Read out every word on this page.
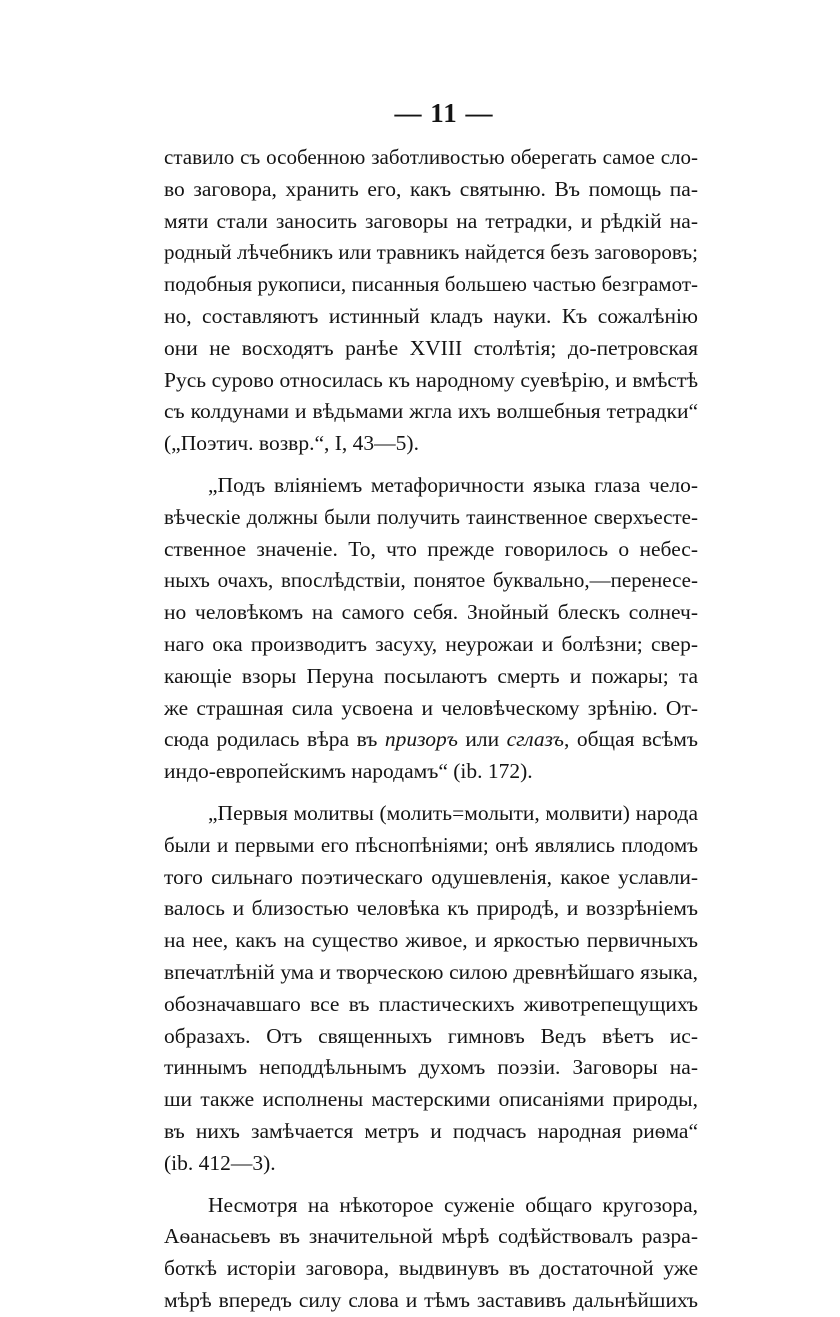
— 11 —
ставило съ особенною заботливостью оберегать самое сло-
во заговора, хранить его, какъ святыню. Въ помощь па-
мяти стали заносить заговоры на тетрадки, и рѣдкій на-
родный лѣчебникъ или травникъ найдется безъ заговоровъ;
подобныя рукописи, писанныя большею частью безграмот-
но, составляютъ истинный кладъ науки. Къ сожалѣнію
они не восходятъ ранѣе XVIII столѣтія; до-петровская
Русь сурово относилась къ народному суевѣрію, и вмѣстѣ
съ колдунами и вѣдьмами жгла ихъ волшебныя тетрадки“
(„Поэтич. возвр.“, I, 43—5).
„Подъ вліяніемъ метафоричности языка глаза чело-
вѣческіе должны были получить таинственное сверхъесте-
ственное значеніе. То, что прежде говорилось о небес-
ныхъ очахъ, впослѣдствіи, понятое буквально,—перенесе-
но человѣкомъ на самого себя. Знойный блескъ солнеч-
наго ока производитъ засуху, неурожаи и болѣзни; свер-
кающіе взоры Перуна посылаютъ смерть и пожары; та
же страшная сила усвоена и человѣческому зрѣнію. От-
сюда родилась вѣра въ призоръ или сглазъ, общая всѣмъ
индо-европейскимъ народамъ“ (ib. 172).
„Первыя молитвы (молить=молыти, молвити) народа
были и первыми его пѣснопѣніями; онѣ являлись плодомъ
того сильнаго поэтическаго одушевленія, какое уславли-
валось и близостью человѣка къ природѣ, и воззрѣніемъ
на нее, какъ на существо живое, и яркостью первичныхъ
впечатлѣній ума и творческою силою древнѣйшаго языка,
обозначавшаго все въ пластическихъ животрепещущихъ
образахъ. Отъ священныхъ гимновъ Ведъ вѣетъ ис-
тиннымъ неподдѣльнымъ духомъ поэзіи. Заговоры на-
ши также исполнены мастерскими описаніями природы,
въ нихъ замѣчается метръ и подчасъ народная риѳма“
(ib. 412—3).
Несмотря на нѣкоторое суженіе общаго кругозора,
Аѳанасьевъ въ значительной мѣрѣ содѣйствовалъ разра-
боткѣ исторіи заговора, выдвинувъ въ достаточной уже
мѣрѣ впередъ силу слова и тѣмъ заставивъ дальнѣйшихъ
